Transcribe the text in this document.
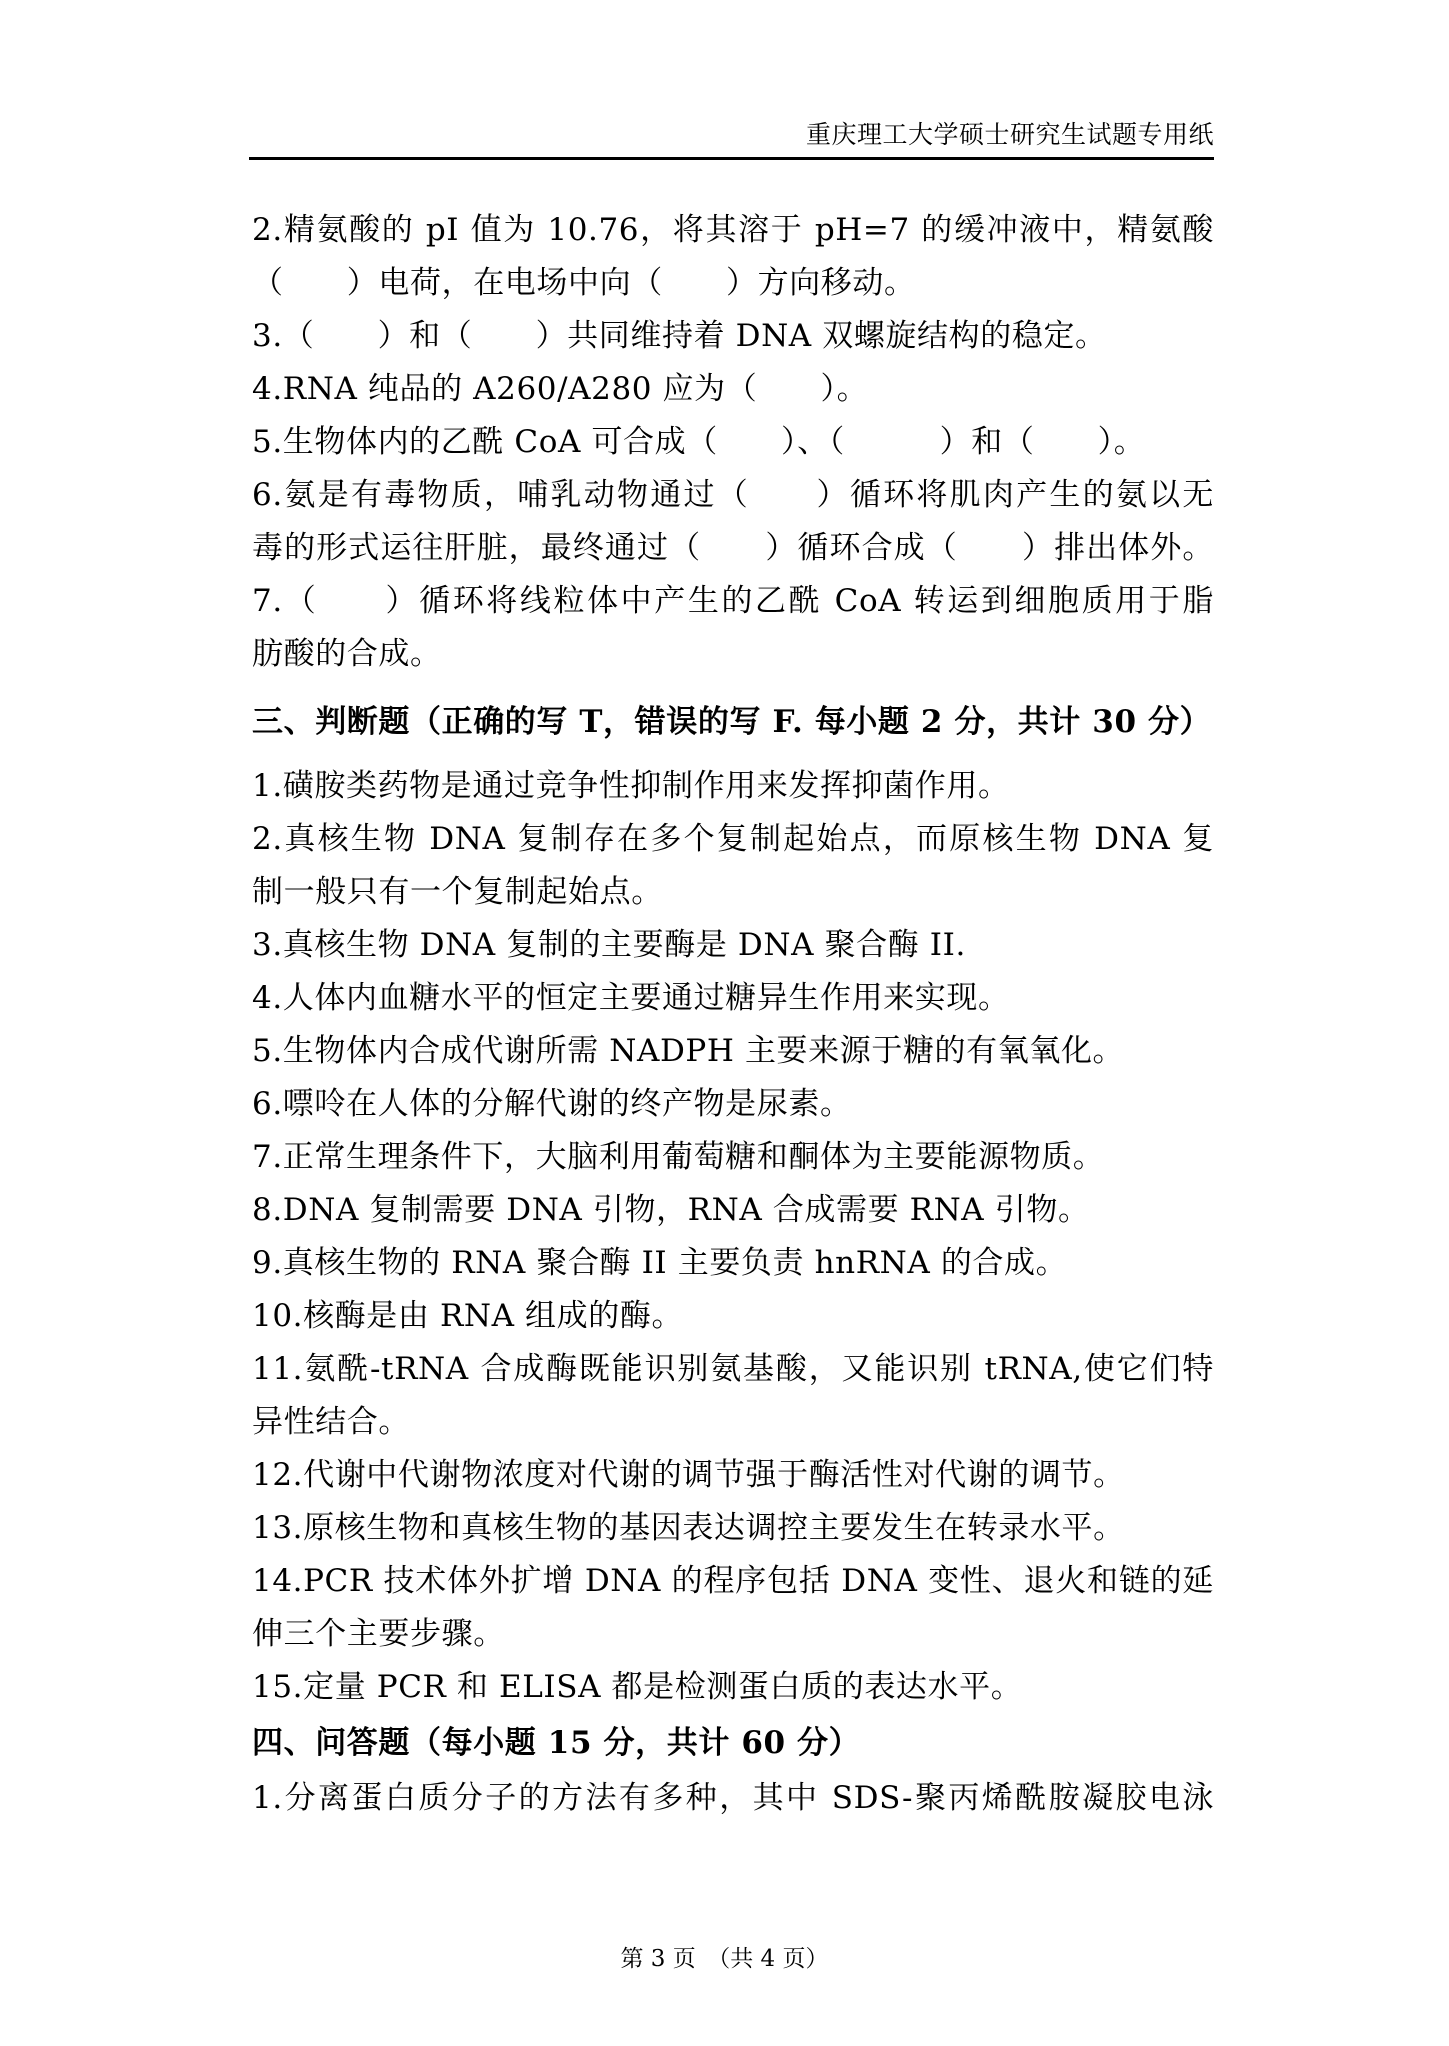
重庆理工大学硕士研究生试题专用纸
2.精氨酸的 pI 值为 10.76，将其溶于 pH=7 的缓冲液中，精氨酸
（　　）电荷，在电场中向（　　）方向移动。
3.（　　）和（　　）共同维持着 DNA 双螺旋结构的稳定。
4.RNA 纯品的 A260/A280 应为（　　）。
5.生物体内的乙酰 CoA 可合成（　　）、（　　　）和（　　）。
6.氨是有毒物质，哺乳动物通过（　　）循环将肌肉产生的氨以无
毒的形式运往肝脏，最终通过（　　）循环合成（　　）排出体外。
7.（　　）循环将线粒体中产生的乙酰 CoA 转运到细胞质用于脂
肪酸的合成。
三、判断题（正确的写 T，错误的写 F. 每小题 2 分，共计 30 分）
1.磺胺类药物是通过竞争性抑制作用来发挥抑菌作用。
2.真核生物 DNA 复制存在多个复制起始点，而原核生物 DNA 复
制一般只有一个复制起始点。
3.真核生物 DNA 复制的主要酶是 DNA 聚合酶 II.
4.人体内血糖水平的恒定主要通过糖异生作用来实现。
5.生物体内合成代谢所需 NADPH 主要来源于糖的有氧氧化。
6.嘌呤在人体的分解代谢的终产物是尿素。
7.正常生理条件下，大脑利用葡萄糖和酮体为主要能源物质。
8.DNA 复制需要 DNA 引物，RNA 合成需要 RNA 引物。
9.真核生物的 RNA 聚合酶 II 主要负责 hnRNA 的合成。
10.核酶是由 RNA 组成的酶。
11.氨酰-tRNA 合成酶既能识别氨基酸，又能识别 tRNA,使它们特
异性结合。
12.代谢中代谢物浓度对代谢的调节强于酶活性对代谢的调节。
13.原核生物和真核生物的基因表达调控主要发生在转录水平。
14.PCR 技术体外扩增 DNA 的程序包括 DNA 变性、退火和链的延
伸三个主要步骤。
15.定量 PCR 和 ELISA 都是检测蛋白质的表达水平。
四、问答题（每小题 15 分，共计 60 分）
1.分离蛋白质分子的方法有多种，其中 SDS-聚丙烯酰胺凝胶电泳
第 3 页　（共 4 页）
